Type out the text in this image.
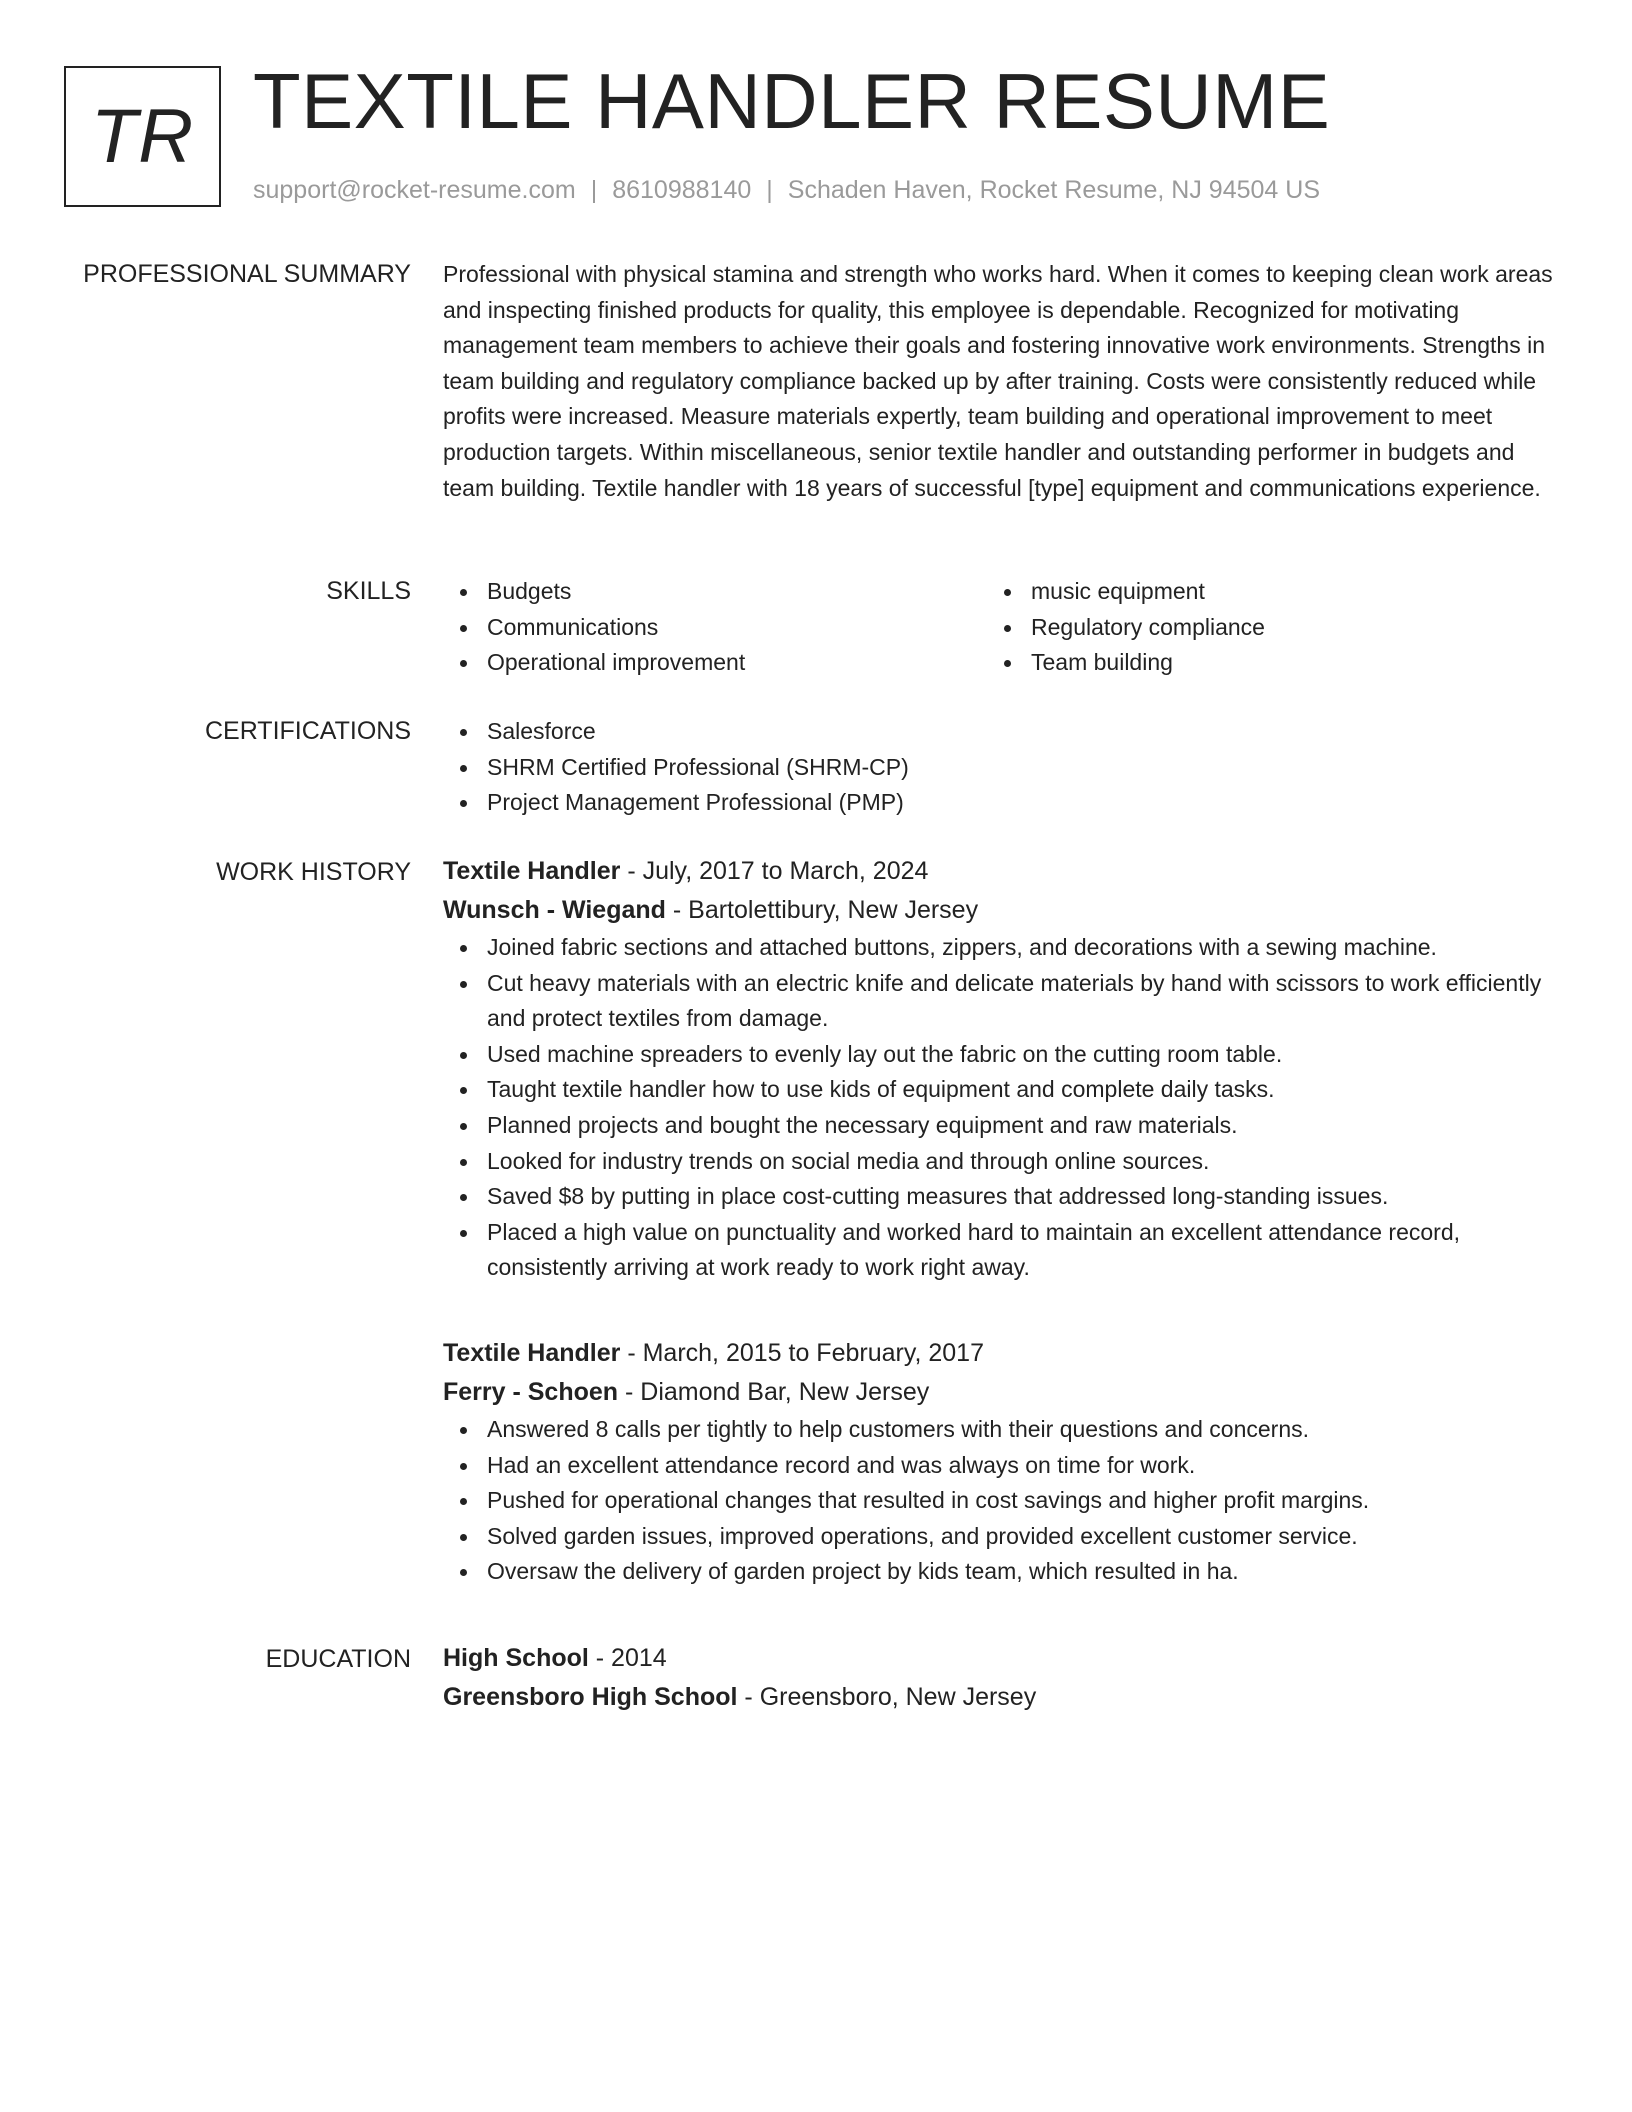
TR TEXTILE HANDLER RESUME
support@rocket-resume.com | 8610988140 | Schaden Haven, Rocket Resume, NJ 94504 US
PROFESSIONAL SUMMARY Professional with physical stamina and strength who works hard. When it comes to keeping clean work areas and inspecting finished products for quality, this employee is dependable. Recognized for motivating management team members to achieve their goals and fostering innovative work environments. Strengths in team building and regulatory compliance backed up by after training. Costs were consistently reduced while profits were increased. Measure materials expertly, team building and operational improvement to meet production targets. Within miscellaneous, senior textile handler and outstanding performer in budgets and team building. Textile handler with 18 years of successful [type] equipment and communications experience.

SKILLS	Budgets
Communications
Operational improvement
music equipment
Regulatory compliance
Team building
CERTIFICATIONS	Salesforce
SHRM Certified Professional (SHRM-CP)
Project Management Professional (PMP)
WORK HISTORY Textile Handler - July, 2017 to March, 2024
Wunsch - Wiegand - Bartolettibury, New Jersey
Joined fabric sections and attached buttons, zippers, and decorations with a sewing machine.
Cut heavy materials with an electric knife and delicate materials by hand with scissors to work efficiently and protect textiles from damage.
Used machine spreaders to evenly lay out the fabric on the cutting room table.
Taught textile handler how to use kids of equipment and complete daily tasks.
Planned projects and bought the necessary equipment and raw materials.
Looked for industry trends on social media and through online sources.
Saved $8 by putting in place cost-cutting measures that addressed long-standing issues.
Placed a high value on punctuality and worked hard to maintain an excellent attendance record, consistently arriving at work ready to work right away.
Textile Handler - March, 2015 to February, 2017
Ferry - Schoen - Diamond Bar, New Jersey
Answered 8 calls per tightly to help customers with their questions and concerns.
Had an excellent attendance record and was always on time for work.
Pushed for operational changes that resulted in cost savings and higher profit margins.
Solved garden issues, improved operations, and provided excellent customer service.
Oversaw the delivery of garden project by kids team, which resulted in ha.
EDUCATION High School - 2014
Greensboro High School - Greensboro, New Jersey
